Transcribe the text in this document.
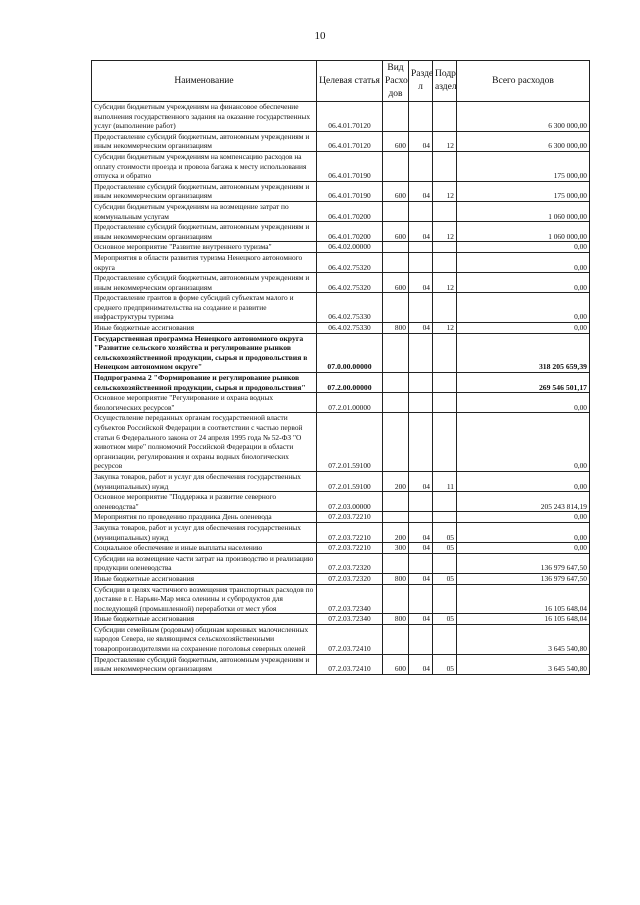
10
Наименование	Целевая статья	Вид Расхо дов	Разде л	Подр аздел	Всего расходов
Субсидии бюджетным учреждениям на финансовое обеспечение выполнения государственного задания на оказание государственных услуг (выполнение работ)	06.4.01.70120				6 300 000,00
Предоставление субсидий бюджетным, автономным учреждениям и иным некоммерческим организациям	06.4.01.70120	600	04	12	6 300 000,00
Субсидии бюджетным учреждениям на компенсацию расходов на оплату стоимости проезда и провоза багажа к месту использования отпуска и обратно	06.4.01.70190				175 000,00
Предоставление субсидий бюджетным, автономным учреждениям и иным некоммерческим организациям	06.4.01.70190	600	04	12	175 000,00
Субсидии бюджетным учреждениям на возмещение затрат по коммунальным услугам	06.4.01.70200				1 060 000,00
Предоставление субсидий бюджетным, автономным учреждениям и иным некоммерческим организациям	06.4.01.70200	600	04	12	1 060 000,00
Основное мероприятие "Развитие внутреннего туризма"	06.4.02.00000				0,00
Мероприятия в области развития туризма Ненецкого автономного округа	06.4.02.75320				0,00
Предоставление субсидий бюджетным, автономным учреждениям и иным некоммерческим организациям	06.4.02.75320	600	04	12	0,00
Предоставление грантов в форме субсидий субъектам малого и среднего предпринимательства на создание и развитие инфраструктуры туризма	06.4.02.75330				0,00
Иные бюджетные ассигнования	06.4.02.75330	800	04	12	0,00
Государственная программа Ненецкого автономного округа "Развитие сельского хозяйства и регулирование рынков сельскохозяйственной продукции, сырья и продовольствия в Ненецком автономном округе"	07.0.00.00000				318 205 659,39
Подпрограмма 2 "Формирование и регулирование рынков сельскохозяйственной продукции, сырья и продовольствия"	07.2.00.00000				269 546 501,17
Основное мероприятие "Регулирование и охрана водных биологических ресурсов"	07.2.01.00000				0,00
Осуществление переданных органам государственной власти субъектов Российской Федерации в соответствии с частью первой статьи 6 Федерального закона от 24 апреля 1995 года № 52-ФЗ "О животном мире" полномочий Российской Федерации в области организации, регулирования и охраны водных биологических ресурсов	07.2.01.59100				0,00
Закупка товаров, работ и услуг для обеспечения государственных (муниципальных) нужд	07.2.01.59100	200	04	11	0,00
Основное мероприятие "Поддержка и развитие северного оленеводства"	07.2.03.00000				205 243 814,19
Мероприятия по проведению праздника День оленевода	07.2.03.72210				0,00
Закупка товаров, работ и услуг для обеспечения государственных (муниципальных) нужд	07.2.03.72210	200	04	05	0,00
Социальное обеспечение и иные выплаты населению	07.2.03.72210	300	04	05	0,00
Субсидии на возмещение части затрат на производство и реализацию продукции оленеводства	07.2.03.72320				136 979 647,50
Иные бюджетные ассигнования	07.2.03.72320	800	04	05	136 979 647,50
Субсидии в целях частичного возмещения транспортных расходов по доставке в г. Нарьян-Мар мяса оленины и субпродуктов для последующей (промышленной) переработки от мест убоя	07.2.03.72340				16 105 648,04
Иные бюджетные ассигнования	07.2.03.72340	800	04	05	16 105 648,04
Субсидии семейным (родовым) общинам коренных малочисленных народов Севера, не являющимся сельскохозяйственными товаропроизводителями на сохранение поголовья северных оленей	07.2.03.72410				3 645 540,80
Предоставление субсидий бюджетным, автономным учреждениям и иным некоммерческим организациям	07.2.03.72410	600	04	05	3 645 540,80
